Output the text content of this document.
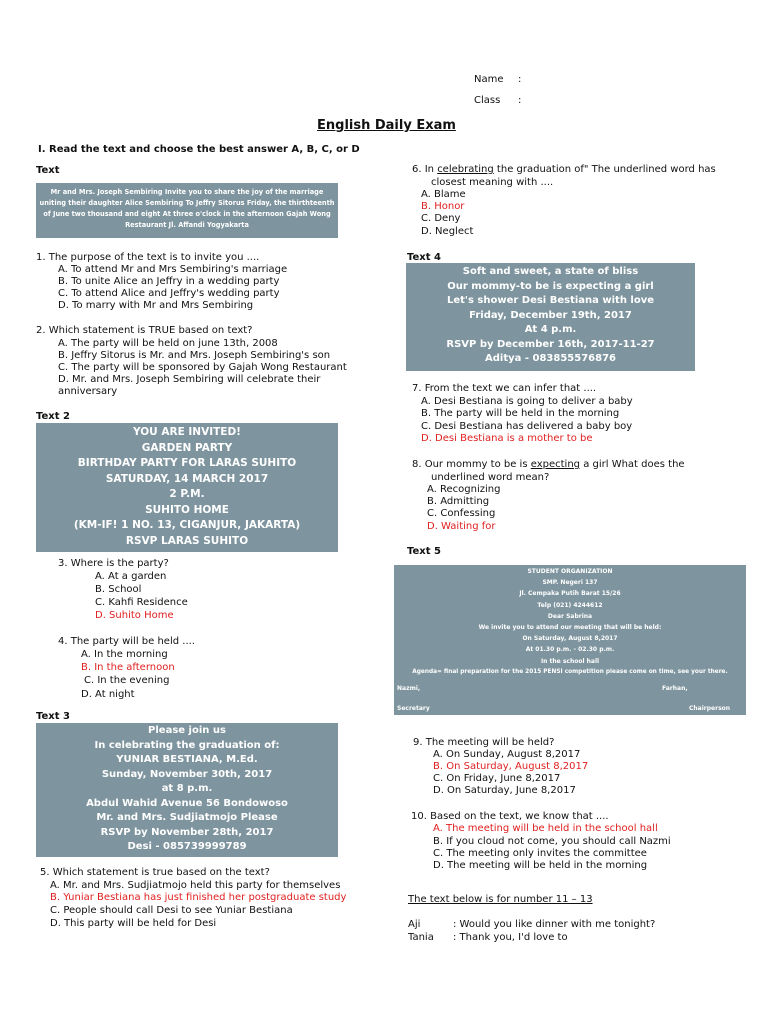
Name :
Class :
English Daily Exam
I. Read the text and choose the best answer A, B, C, or D
Text
Mr and Mrs. Joseph Sembiring Invite you to share the joy of the marriage
uniting their daughter Alice Sembiring To Jeffry Sitorus Friday, the thirthteenth
of June two thousand and eight At three o'clock in the afternoon Gajah Wong
Restaurant Jl. Affandi Yogyakarta
1. The purpose of the text is to invite you ....
A. To attend Mr and Mrs Sembiring's marriage
B. To unite Alice an Jeffry in a wedding party
C. To attend Alice and Jeffry's wedding party
D. To marry with Mr and Mrs Sembiring
2. Which statement is TRUE based on text?
A. The party will be held on june 13th, 2008
B. Jeffry Sitorus is Mr. and Mrs. Joseph Sembiring's son
C. The party will be sponsored by Gajah Wong Restaurant
D. Mr. and Mrs. Joseph Sembiring will celebrate their
anniversary
Text 2
YOU ARE INVITED!
GARDEN PARTY
BIRTHDAY PARTY FOR LARAS SUHITO
SATURDAY, 14 MARCH 2017
2 P.M.
SUHITO HOME
(KM-IF! 1 NO. 13, CIGANJUR, JAKARTA)
RSVP LARAS SUHITO
3. Where is the party?
A. At a garden
B. School
C. Kahfi Residence
D. Suhito Home
4. The party will be held ....
A. In the morning
B. In the afternoon
C. In the evening
D. At night
Text 3
Please join us
In celebrating the graduation of:
YUNIAR BESTIANA, M.Ed.
Sunday, November 30th, 2017
at 8 p.m.
Abdul Wahid Avenue 56 Bondowoso
Mr. and Mrs. Sudjiatmojo Please
RSVP by November 28th, 2017
Desi - 085739999789
5. Which statement is true based on the text?
A. Mr. and Mrs. Sudjiatmojo held this party for themselves
B. Yuniar Bestiana has just finished her postgraduate study
C. People should call Desi to see Yuniar Bestiana
D. This party will be held for Desi
6. In celebrating the graduation of" The underlined word has
closest meaning with ....
A. Blame
B. Honor
C. Deny
D. Neglect
Text 4
Soft and sweet, a state of bliss
Our mommy-to be is expecting a girl
Let's shower Desi Bestiana with love
Friday, December 19th, 2017
At 4 p.m.
RSVP by December 16th, 2017-11-27
Aditya - 083855576876
7. From the text we can infer that ....
A. Desi Bestiana is going to deliver a baby
B. The party will be held in the morning
C. Desi Bestiana has delivered a baby boy
D. Desi Bestiana is a mother to be
8. Our mommy to be is expecting a girl What does the
underlined word mean?
A. Recognizing
B. Admitting
C. Confessing
D. Waiting for
Text 5
STUDENT ORGANIZATION
SMP. Negeri 137
Jl. Cempaka Putih Barat 15/26
Telp (021) 4244612
Dear Sabrina
We invite you to attend our meeting that will be held:
On Saturday, August 8,2017
At 01.30 p.m. - 02.30 p.m.
In the school hall
Agenda= final preparation for the 2015 PENSI competition please come on time, see your there.
Nazmi,	Farhan,
Secretary	Chairperson
9. The meeting will be held?
A. On Sunday, August 8,2017
B. On Saturday, August 8,2017
C. On Friday, June 8,2017
D. On Saturday, June 8,2017
10. Based on the text, we know that ....
A. The meeting will be held in the school hall
B. If you cloud not come, you should call Nazmi
C. The meeting only invites the committee
D. The meeting will be held in the morning
The text below is for number 11 – 13
Aji	: Would you like dinner with me tonight?
Tania : Thank you, I'd love to
